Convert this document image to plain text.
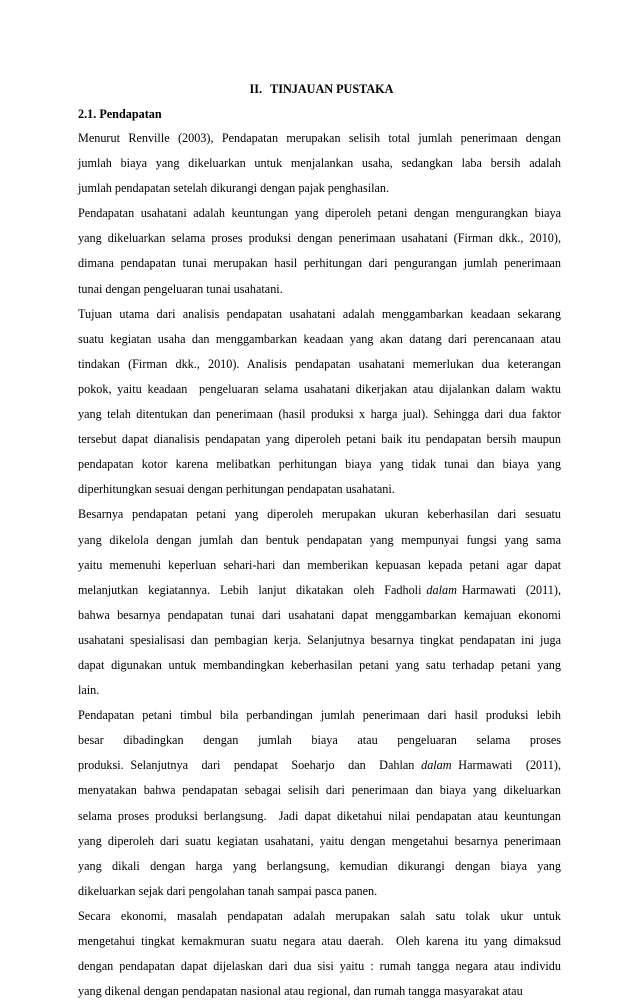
II. TINJAUAN PUSTAKA
2.1. Pendapatan

Menurut Renville (2003), Pendapatan merupakan selisih total jumlah penerimaan dengan
jumlah biaya yang dikeluarkan untuk menjalankan usaha, sedangkan laba bersih adalah
jumlah pendapatan setelah dikurangi dengan pajak penghasilan.

Pendapatan usahatani adalah keuntungan yang diperoleh petani dengan mengurangkan biaya
yang dikeluarkan selama proses produksi dengan penerimaan usahatani (Firman dkk., 2010),
dimana pendapatan tunai merupakan hasil perhitungan dari pengurangan jumlah penerimaan
tunai dengan pengeluaran tunai usahatani.

Tujuan utama dari analisis pendapatan usahatani adalah menggambarkan keadaan sekarang
suatu kegiatan usaha dan menggambarkan keadaan yang akan datang dari perencanaan atau
tindakan (Firman dkk., 2010). Analisis pendapatan usahatani memerlukan dua keterangan
pokok, yaitu keadaan  pengeluaran selama usahatani dikerjakan atau dijalankan dalam waktu
yang telah ditentukan dan penerimaan (hasil produksi x harga jual). Sehingga dari dua faktor
tersebut dapat dianalisis pendapatan yang diperoleh petani baik itu pendapatan bersih maupun
pendapatan kotor karena melibatkan perhitungan biaya yang tidak tunai dan biaya yang
diperhitungkan sesuai dengan perhitungan pendapatan usahatani.

Besarnya pendapatan petani yang diperoleh merupakan ukuran keberhasilan dari sesuatu
yang dikelola dengan jumlah dan bentuk pendapatan yang mempunyai fungsi yang sama
yaitu memenuhi keperluan sehari-hari dan memberikan kepuasan kepada petani agar dapat
melanjutkan  kegiatannya.  Lebih  lanjut  dikatakan  oleh  Fadholi dalam Harmawati  (2011),
bahwa besarnya pendapatan tunai dari usahatani dapat menggambarkan kemajuan ekonomi
usahatani spesialisasi dan pembagian kerja. Selanjutnya besarnya tingkat pendapatan ini juga
dapat digunakan untuk membandingkan keberhasilan petani yang satu terhadap petani yang
lain.

Pendapatan petani timbul bila perbandingan jumlah penerimaan dari hasil produksi lebih
besar      dibadingkan      dengan      jumlah      biaya      atau      pengeluaran      selama      proses
produksi. Selanjutnya  dari  pendapat  Soeharjo  dan  Dahlan dalam Harmawati  (2011),
menyatakan bahwa pendapatan sebagai selisih dari penerimaan dan biaya yang dikeluarkan
selama proses produksi berlangsung.  Jadi dapat diketahui nilai pendapatan atau keuntungan
yang diperoleh dari suatu kegiatan usahatani, yaitu dengan mengetahui besarnya penerimaan
yang dikali dengan harga yang berlangsung, kemudian dikurangi dengan biaya yang
dikeluarkan sejak dari pengolahan tanah sampai pasca panen.

Secara ekonomi, masalah pendapatan adalah merupakan salah satu tolak ukur untuk
mengetahui tingkat kemakmuran suatu negara atau daerah.  Oleh karena itu yang dimaksud
dengan pendapatan dapat dijelaskan dari dua sisi yaitu : rumah tangga negara atau individu
yang dikenal dengan pendapatan nasional atau regional, dan rumah tangga masyarakat atau
